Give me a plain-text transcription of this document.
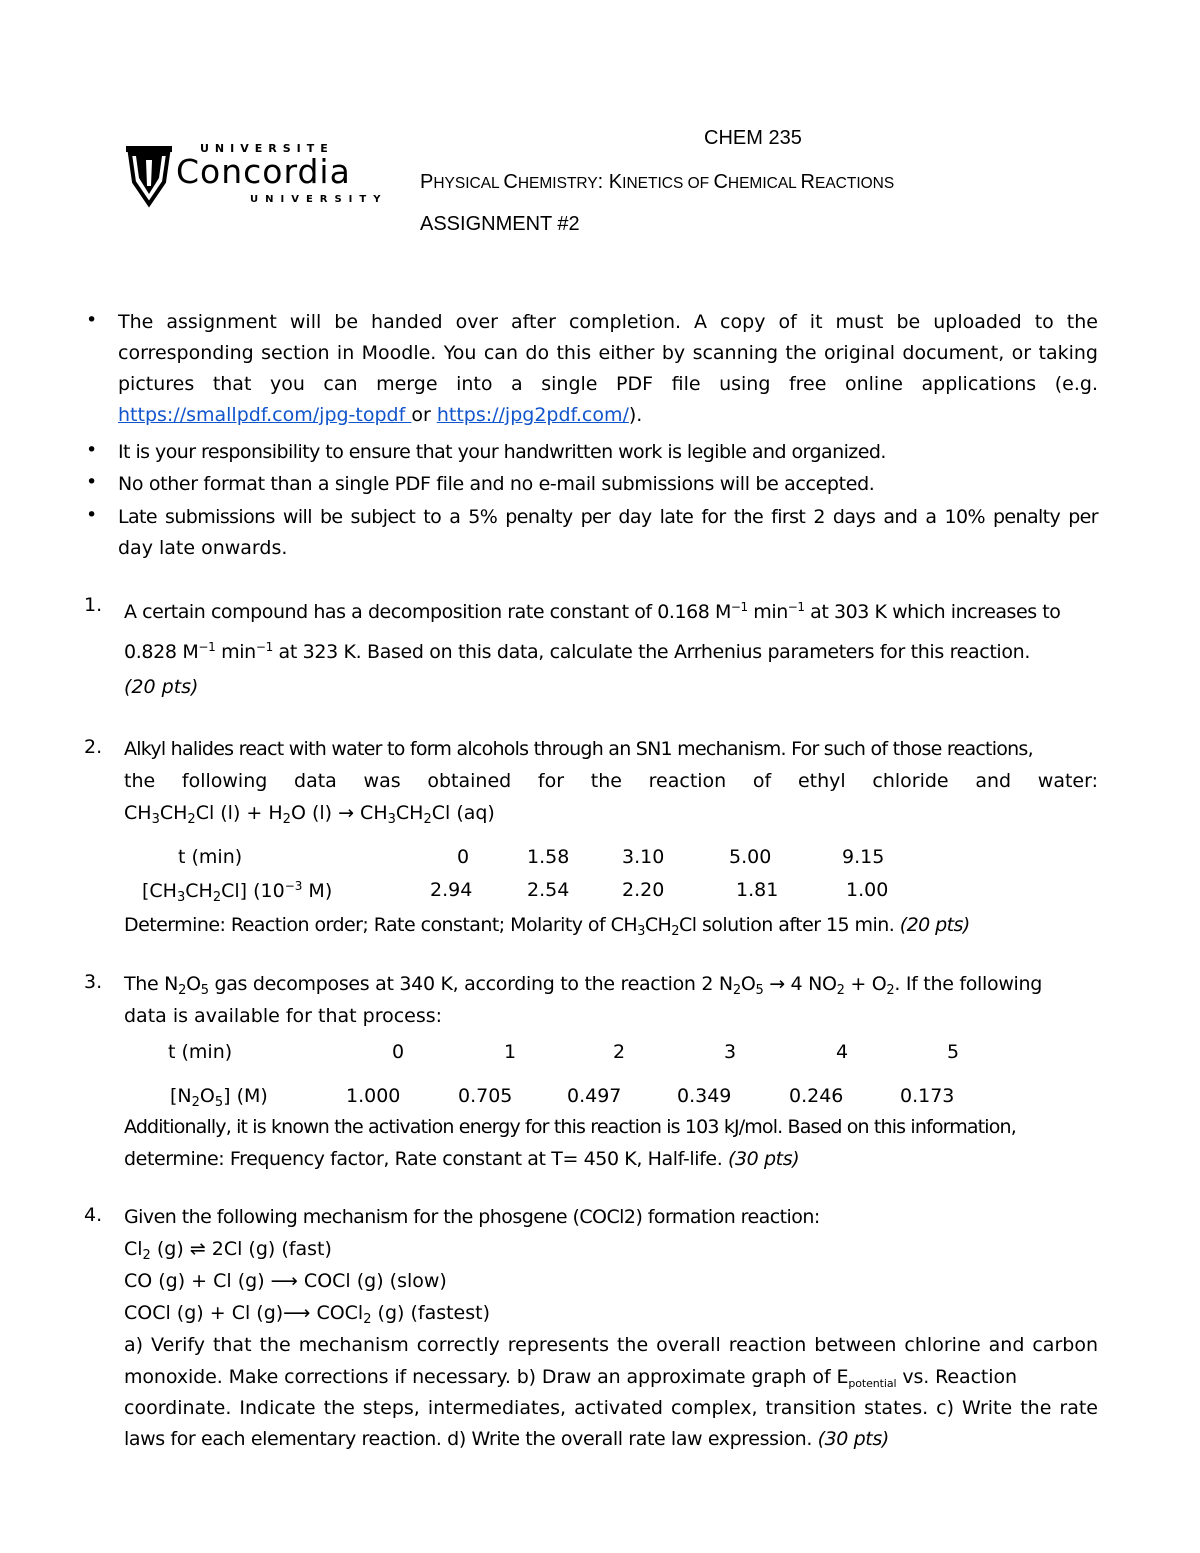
UNIVERSITE
Concordia
UNIVERSITY
CHEM 235
PHYSICAL CHEMISTRY: KINETICS OF CHEMICAL REACTIONS
ASSIGNMENT #2
• The assignment will be handed over after completion. A copy of it must be uploaded to the
corresponding section in Moodle. You can do this either by scanning the original document, or taking
pictures that you can merge into a single PDF file using free online applications (e.g.
https://smallpdf.com/jpg-topdf or https://jpg2pdf.com/).
• It is your responsibility to ensure that your handwritten work is legible and organized.
• No other format than a single PDF file and no e-mail submissions will be accepted.
• Late submissions will be subject to a 5% penalty per day late for the first 2 days and a 10% penalty per
day late onwards.
1. A certain compound has a decomposition rate constant of 0.168 $M^{-1}$ $\min^{-1}$ at 303 K which increases to
0.828 $M^{-1}$ $\min^{-1}$ at 323 K. Based on this data, calculate the Arrhenius parameters for this reaction.
(20 pts)
2. Alkyl halides react with water to form alcohols through an SN1 mechanism. For such of those reactions,
the following data was obtained for the reaction of ethyl chloride and water:
$CH_3CH_2Cl$ $(l) + H_2O$ $(l) \to CH_3CH_2Cl$ (aq)
t (min)	0	1.58	3.10	5.00	9.15
$[CH_3CH_2Cl]$ ($10^{-3}$ M)	2.94	2.54	2.20	1.81	1.00
Determine: Reaction order; Rate constant; Molarity of $CH_3CH_2Cl$ solution after 15 min. (20 pts)
3. The $N_2O_5$ gas decomposes at 340 K, according to the reaction 2 $N_2O_5 \to 4$ $NO_2 + O_2$. If the following
data is available for that process:
t (min)	0	1	2	3	4	5
$[N_2O_5]$ (M)	1.000	0.705	0.497	0.349	0.246	0.173
Additionally, it is known the activation energy for this reaction is 103 kJ/mol. Based on this information,
determine: Frequency factor, Rate constant at T= 450 K, Half-life. (30 pts)
4. Given the following mechanism for the phosgene (COCl2) formation reaction:
$Cl_2$ (g) ⇌ 2Cl (g) (fast)
CO (g) + Cl (g) ⟶ COCl (g) (slow)
COCl (g) + Cl (g)⟶ COCl$_2$ (g) (fastest)
a) Verify that the mechanism correctly represents the overall reaction between chlorine and carbon
monoxide. Make corrections if necessary. b) Draw an approximate graph of $E_{potential}$ vs. Reaction
coordinate. Indicate the steps, intermediates, activated complex, transition states. c) Write the rate
laws for each elementary reaction. d) Write the overall rate law expression. (30 pts)
